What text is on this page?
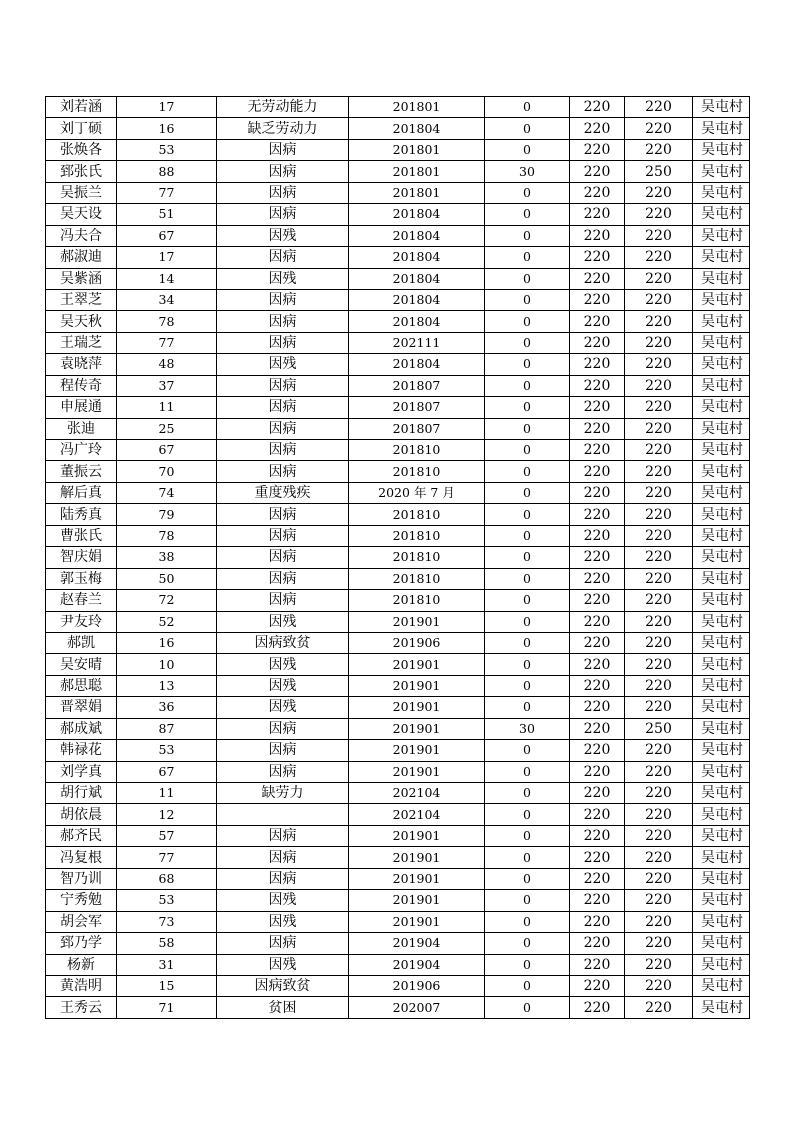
刘若涵	17	无劳动能力	201801	0	220	220	吴屯村
刘丁硕	16	缺乏劳动力	201804	0	220	220	吴屯村
张焕各	53	因病	201801	0	220	220	吴屯村
郅张氏	88	因病	201801	30	220	250	吴屯村
吴振兰	77	因病	201801	0	220	220	吴屯村
吴天设	51	因病	201804	0	220	220	吴屯村
冯夫合	67	因残	201804	0	220	220	吴屯村
郝淑迪	17	因病	201804	0	220	220	吴屯村
吴紫涵	14	因残	201804	0	220	220	吴屯村
王翠芝	34	因病	201804	0	220	220	吴屯村
吴天秋	78	因病	201804	0	220	220	吴屯村
王瑞芝	77	因病	202111	0	220	220	吴屯村
袁晓萍	48	因残	201804	0	220	220	吴屯村
程传奇	37	因病	201807	0	220	220	吴屯村
申展通	11	因病	201807	0	220	220	吴屯村
张迪	25	因病	201807	0	220	220	吴屯村
冯广玲	67	因病	201810	0	220	220	吴屯村
董振云	70	因病	201810	0	220	220	吴屯村
解后真	74	重度残疾	2020 年 7 月	0	220	220	吴屯村
陆秀真	79	因病	201810	0	220	220	吴屯村
曹张氏	78	因病	201810	0	220	220	吴屯村
智庆娟	38	因病	201810	0	220	220	吴屯村
郭玉梅	50	因病	201810	0	220	220	吴屯村
赵春兰	72	因病	201810	0	220	220	吴屯村
尹友玲	52	因残	201901	0	220	220	吴屯村
郝凯	16	因病致贫	201906	0	220	220	吴屯村
吴安晴	10	因残	201901	0	220	220	吴屯村
郝思聪	13	因残	201901	0	220	220	吴屯村
晋翠娟	36	因残	201901	0	220	220	吴屯村
郝成斌	87	因病	201901	30	220	250	吴屯村
韩禄花	53	因病	201901	0	220	220	吴屯村
刘学真	67	因病	201901	0	220	220	吴屯村
胡行斌	11	缺劳力	202104	0	220	220	吴屯村
胡依晨	12		202104	0	220	220	吴屯村
郝齐民	57	因病	201901	0	220	220	吴屯村
冯复根	77	因病	201901	0	220	220	吴屯村
智乃训	68	因病	201901	0	220	220	吴屯村
宁秀勉	53	因残	201901	0	220	220	吴屯村
胡会军	73	因残	201901	0	220	220	吴屯村
郅乃学	58	因病	201904	0	220	220	吴屯村
杨新	31	因残	201904	0	220	220	吴屯村
黄浩明	15	因病致贫	201906	0	220	220	吴屯村
王秀云	71	贫困	202007	0	220	220	吴屯村
